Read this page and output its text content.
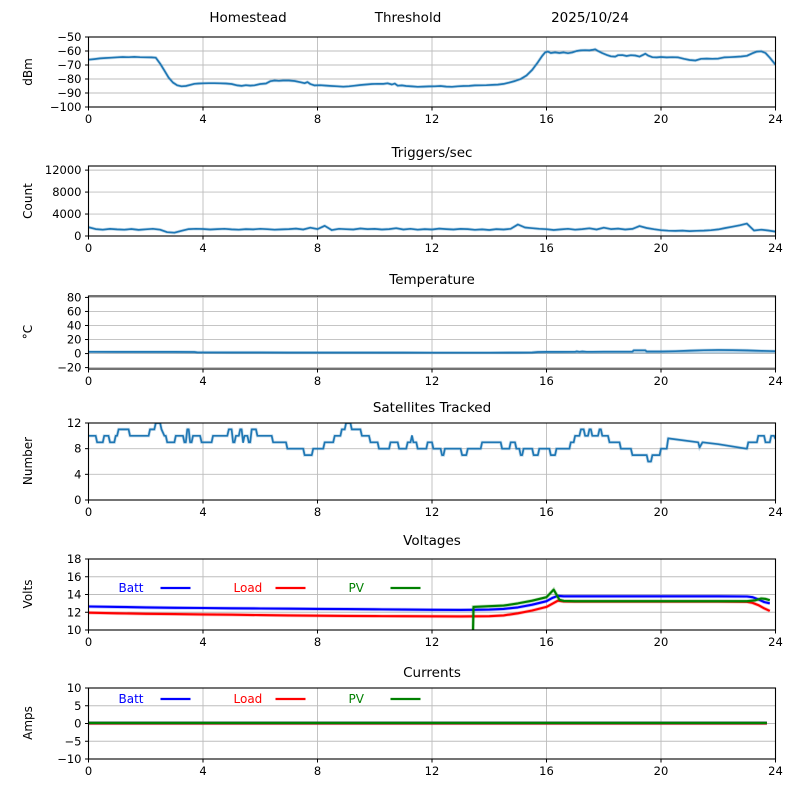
0	4	8	12	16	20	24
−100
−90
−80
−70
−60
−50
0	4	8	12	16	20	24
0
4000
8000
12000
0	4	8	12	16	20	24
−20
0
20
40
60
80
0	4	8	12	16	20	24
0
4
8
12
0	4	8	12	16	20	24
10
12
14
16
18
Batt	Load	PV
0	4	8	12	16	20	24
−10
−5
0
5
10
Batt	Load	PV
Homestead	Threshold	2025/10/24
Triggers/sec
Temperature
Satellites Tracked
Voltages
Currents
dBm
Count
°C
Number
Volts
Amps
